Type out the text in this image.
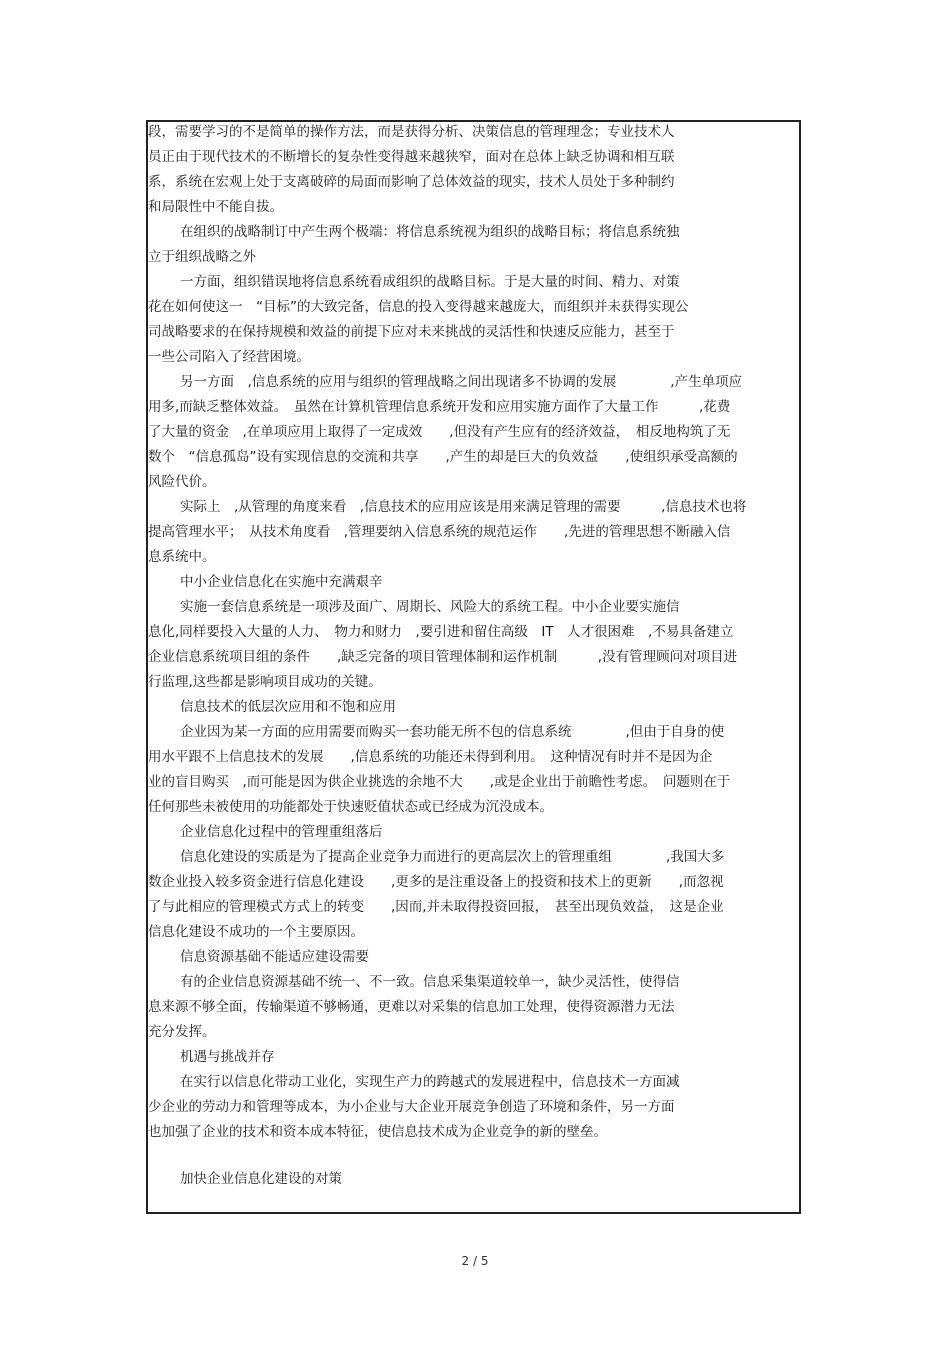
段，需要学习的不是简单的操作方法，而是获得分析、决策信息的管理理念；专业技术人
员正由于现代技术的不断增长的复杂性变得越来越狭窄，面对在总体上缺乏协调和相互联
系，系统在宏观上处于支离破碎的局面而影响了总体效益的现实，技术人员处于多种制约
和局限性中不能自拔。
在组织的战略制订中产生两个极端：将信息系统视为组织的战略目标；将信息系统独
立于组织战略之外
一方面，组织错误地将信息系统看成组织的战略目标。于是大量的时间、精力、对策
花在如何使这一　“目标”的大致完备，信息的投入变得越来越庞大，而组织并未获得实现公
司战略要求的在保持规模和效益的前提下应对未来挑战的灵活性和快速反应能力，甚至于
一些公司陷入了经营困境。
另一方面　,信息系统的应用与组织的管理战略之间出现诸多不协调的发展　　　　,产生单项应
用多,而缺乏整体效益。　虽然在计算机管理信息系统开发和应用实施方面作了大量工作　　　,花费
了大量的资金　,在单项应用上取得了一定成效　　,但没有产生应有的经济效益，　相反地构筑了无
数个　“信息孤岛”设有实现信息的交流和共享　　,产生的却是巨大的负效益　　,使组织承受高额的
风险代价。
实际上　,从管理的角度来看　,信息技术的应用应该是用来满足管理的需要　　　,信息技术也将
提高管理水平；　从技术角度看　,管理要纳入信息系统的规范运作　　,先进的管理思想不断融入信
息系统中。
中小企业信息化在实施中充满艰辛
实施一套信息系统是一项涉及面广、周期长、风险大的系统工程。中小企业要实施信
息化,同样要投入大量的人力、　物力和财力　,要引进和留住高级　IT　人才很困难　,不易具备建立
企业信息系统项目组的条件　　,缺乏完备的项目管理体制和运作机制　　　,没有管理顾问对项目进
行监理,这些都是影响项目成功的关键。
信息技术的低层次应用和不饱和应用
企业因为某一方面的应用需要而购买一套功能无所不包的信息系统　　　　,但由于自身的使
用水平跟不上信息技术的发展　　,信息系统的功能还未得到利用。　这种情况有时并不是因为企
业的盲目购买　,而可能是因为供企业挑选的余地不大　　,或是企业出于前瞻性考虑。　问题则在于
任何那些未被使用的功能都处于快速贬值状态或已经成为沉没成本。
企业信息化过程中的管理重组落后
信息化建设的实质是为了提高企业竞争力而进行的更高层次上的管理重组　　　　,我国大多
数企业投入较多资金进行信息化建设　　,更多的是注重设备上的投资和技术上的更新　　,而忽视
了与此相应的管理模式方式上的转变　　,因而,并未取得投资回报，　甚至出现负效益，　这是企业
信息化建设不成功的一个主要原因。
信息资源基础不能适应建设需要
有的企业信息资源基础不统一、不一致。信息采集渠道较单一，缺少灵活性，使得信
息来源不够全面，传输渠道不够畅通，更难以对采集的信息加工处理，使得资源潜力无法
充分发挥。
机遇与挑战并存
在实行以信息化带动工业化，实现生产力的跨越式的发展进程中，信息技术一方面减
少企业的劳动力和管理等成本，为小企业与大企业开展竞争创造了环境和条件，另一方面
也加强了企业的技术和资本成本特征，使信息技术成为企业竞争的新的壁垒。
加快企业信息化建设的对策
2 / 5
